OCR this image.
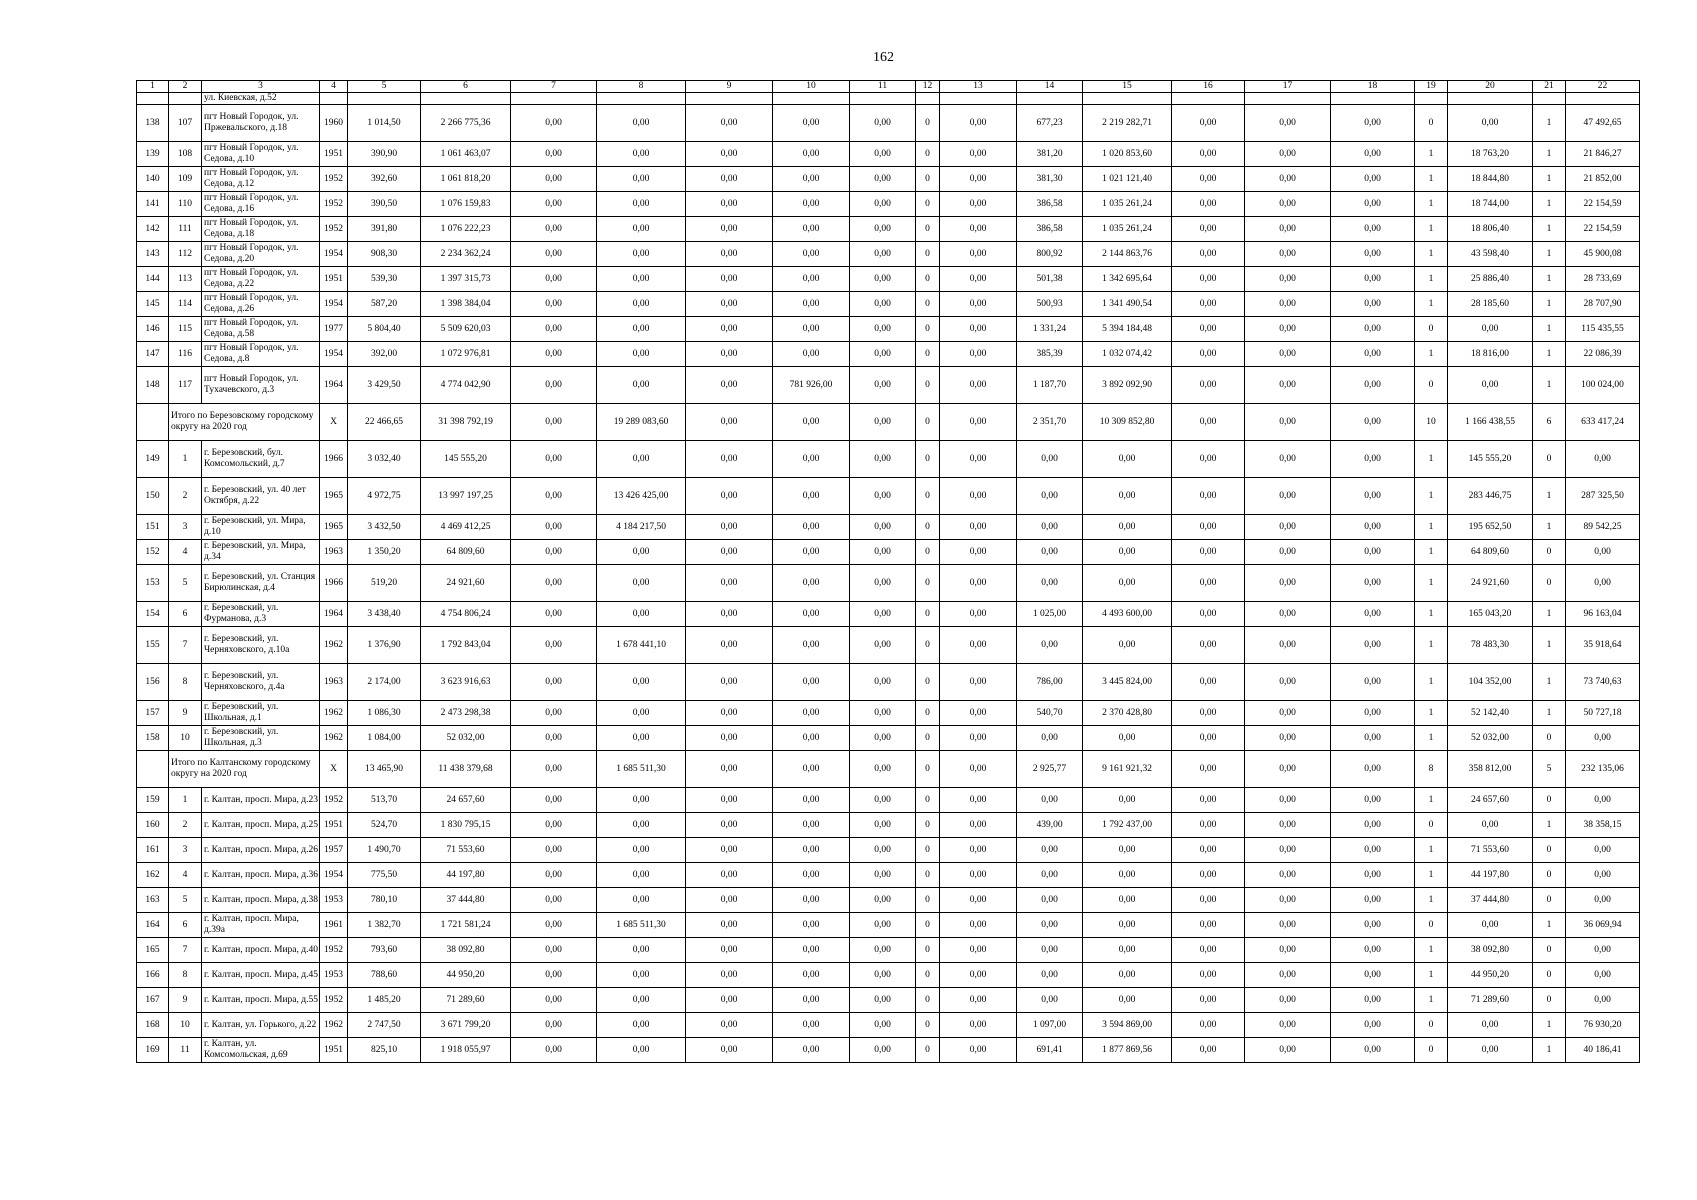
162
1	2	3	4	5	6	7	8	9	10	11	12	13	14	15	16	17	18	19	20	21	22
		ул. Киевская, д.52																			
138	107	пгт Новый Городок, ул. Пржевальского, д.18	1960	1 014,50	2 266 775,36	0,00	0,00	0,00	0,00	0,00	0	0,00	677,23	2 219 282,71	0,00	0,00	0,00	0	0,00	1	47 492,65
139	108	пгт Новый Городок, ул. Седова, д.10	1951	390,90	1 061 463,07	0,00	0,00	0,00	0,00	0,00	0	0,00	381,20	1 020 853,60	0,00	0,00	0,00	1	18 763,20	1	21 846,27
140	109	пгт Новый Городок, ул. Седова, д.12	1952	392,60	1 061 818,20	0,00	0,00	0,00	0,00	0,00	0	0,00	381,30	1 021 121,40	0,00	0,00	0,00	1	18 844,80	1	21 852,00
141	110	пгт Новый Городок, ул. Седова, д.16	1952	390,50	1 076 159,83	0,00	0,00	0,00	0,00	0,00	0	0,00	386,58	1 035 261,24	0,00	0,00	0,00	1	18 744,00	1	22 154,59
142	111	пгт Новый Городок, ул. Седова, д.18	1952	391,80	1 076 222,23	0,00	0,00	0,00	0,00	0,00	0	0,00	386,58	1 035 261,24	0,00	0,00	0,00	1	18 806,40	1	22 154,59
143	112	пгт Новый Городок, ул. Седова, д.20	1954	908,30	2 234 362,24	0,00	0,00	0,00	0,00	0,00	0	0,00	800,92	2 144 863,76	0,00	0,00	0,00	1	43 598,40	1	45 900,08
144	113	пгт Новый Городок, ул. Седова, д.22	1951	539,30	1 397 315,73	0,00	0,00	0,00	0,00	0,00	0	0,00	501,38	1 342 695,64	0,00	0,00	0,00	1	25 886,40	1	28 733,69
145	114	пгт Новый Городок, ул. Седова, д.26	1954	587,20	1 398 384,04	0,00	0,00	0,00	0,00	0,00	0	0,00	500,93	1 341 490,54	0,00	0,00	0,00	1	28 185,60	1	28 707,90
146	115	пгт Новый Городок, ул. Седова, д.58	1977	5 804,40	5 509 620,03	0,00	0,00	0,00	0,00	0,00	0	0,00	1 331,24	5 394 184,48	0,00	0,00	0,00	0	0,00	1	115 435,55
147	116	пгт Новый Городок, ул. Седова, д.8	1954	392,00	1 072 976,81	0,00	0,00	0,00	0,00	0,00	0	0,00	385,39	1 032 074,42	0,00	0,00	0,00	1	18 816,00	1	22 086,39
148	117	пгт Новый Городок, ул. Тухачевского, д.3	1964	3 429,50	4 774 042,90	0,00	0,00	0,00	781 926,00	0,00	0	0,00	1 187,70	3 892 092,90	0,00	0,00	0,00	0	0,00	1	100 024,00
	Итого по Березовскому городскому округу на 2020 год		X	22 466,65	31 398 792,19	0,00	19 289 083,60	0,00	0,00	0,00	0	0,00	2 351,70	10 309 852,80	0,00	0,00	0,00	10	1 166 438,55	6	633 417,24
149	1	г. Березовский, бул. Комсомольский, д.7	1966	3 032,40	145 555,20	0,00	0,00	0,00	0,00	0,00	0	0,00	0,00	0,00	0,00	0,00	0,00	1	145 555,20	0	0,00
150	2	г. Березовский, ул. 40 лет Октября, д.22	1965	4 972,75	13 997 197,25	0,00	13 426 425,00	0,00	0,00	0,00	0	0,00	0,00	0,00	0,00	0,00	0,00	1	283 446,75	1	287 325,50
151	3	г. Березовский, ул. Мира, д.10	1965	3 432,50	4 469 412,25	0,00	4 184 217,50	0,00	0,00	0,00	0	0,00	0,00	0,00	0,00	0,00	0,00	1	195 652,50	1	89 542,25
152	4	г. Березовский, ул. Мира, д.34	1963	1 350,20	64 809,60	0,00	0,00	0,00	0,00	0,00	0	0,00	0,00	0,00	0,00	0,00	0,00	1	64 809,60	0	0,00
153	5	г. Березовский, ул. Станция Бирюлинская, д.4	1966	519,20	24 921,60	0,00	0,00	0,00	0,00	0,00	0	0,00	0,00	0,00	0,00	0,00	0,00	1	24 921,60	0	0,00
154	6	г. Березовский, ул. Фурманова, д.3	1964	3 438,40	4 754 806,24	0,00	0,00	0,00	0,00	0,00	0	0,00	1 025,00	4 493 600,00	0,00	0,00	0,00	1	165 043,20	1	96 163,04
155	7	г. Березовский, ул. Черняховского, д.10а	1962	1 376,90	1 792 843,04	0,00	1 678 441,10	0,00	0,00	0,00	0	0,00	0,00	0,00	0,00	0,00	0,00	1	78 483,30	1	35 918,64
156	8	г. Березовский, ул. Черняховского, д.4а	1963	2 174,00	3 623 916,63	0,00	0,00	0,00	0,00	0,00	0	0,00	786,00	3 445 824,00	0,00	0,00	0,00	1	104 352,00	1	73 740,63
157	9	г. Березовский, ул. Школьная, д.1	1962	1 086,30	2 473 298,38	0,00	0,00	0,00	0,00	0,00	0	0,00	540,70	2 370 428,80	0,00	0,00	0,00	1	52 142,40	1	50 727,18
158	10	г. Березовский, ул. Школьная, д.3	1962	1 084,00	52 032,00	0,00	0,00	0,00	0,00	0,00	0	0,00	0,00	0,00	0,00	0,00	0,00	1	52 032,00	0	0,00
	Итого по Калтанскому городскому округу на 2020 год		X	13 465,90	11 438 379,68	0,00	1 685 511,30	0,00	0,00	0,00	0	0,00	2 925,77	9 161 921,32	0,00	0,00	0,00	8	358 812,00	5	232 135,06
159	1	г. Калтан, просп. Мира, д.23	1952	513,70	24 657,60	0,00	0,00	0,00	0,00	0,00	0	0,00	0,00	0,00	0,00	0,00	0,00	1	24 657,60	0	0,00
160	2	г. Калтан, просп. Мира, д.25	1951	524,70	1 830 795,15	0,00	0,00	0,00	0,00	0,00	0	0,00	439,00	1 792 437,00	0,00	0,00	0,00	0	0,00	1	38 358,15
161	3	г. Калтан, просп. Мира, д.26	1957	1 490,70	71 553,60	0,00	0,00	0,00	0,00	0,00	0	0,00	0,00	0,00	0,00	0,00	0,00	1	71 553,60	0	0,00
162	4	г. Калтан, просп. Мира, д.36	1954	775,50	44 197,80	0,00	0,00	0,00	0,00	0,00	0	0,00	0,00	0,00	0,00	0,00	0,00	1	44 197,80	0	0,00
163	5	г. Калтан, просп. Мира, д.38	1953	780,10	37 444,80	0,00	0,00	0,00	0,00	0,00	0	0,00	0,00	0,00	0,00	0,00	0,00	1	37 444,80	0	0,00
164	6	г. Калтан, просп. Мира, д.39а	1961	1 382,70	1 721 581,24	0,00	1 685 511,30	0,00	0,00	0,00	0	0,00	0,00	0,00	0,00	0,00	0,00	0	0,00	1	36 069,94
165	7	г. Калтан, просп. Мира, д.40	1952	793,60	38 092,80	0,00	0,00	0,00	0,00	0,00	0	0,00	0,00	0,00	0,00	0,00	0,00	1	38 092,80	0	0,00
166	8	г. Калтан, просп. Мира, д.45	1953	788,60	44 950,20	0,00	0,00	0,00	0,00	0,00	0	0,00	0,00	0,00	0,00	0,00	0,00	1	44 950,20	0	0,00
167	9	г. Калтан, просп. Мира, д.55	1952	1 485,20	71 289,60	0,00	0,00	0,00	0,00	0,00	0	0,00	0,00	0,00	0,00	0,00	0,00	1	71 289,60	0	0,00
168	10	г. Калтан, ул. Горького, д.22	1962	2 747,50	3 671 799,20	0,00	0,00	0,00	0,00	0,00	0	0,00	1 097,00	3 594 869,00	0,00	0,00	0,00	0	0,00	1	76 930,20
169	11	г. Калтан, ул. Комсомольская, д.69	1951	825,10	1 918 055,97	0,00	0,00	0,00	0,00	0,00	0	0,00	691,41	1 877 869,56	0,00	0,00	0,00	0	0,00	1	40 186,41
